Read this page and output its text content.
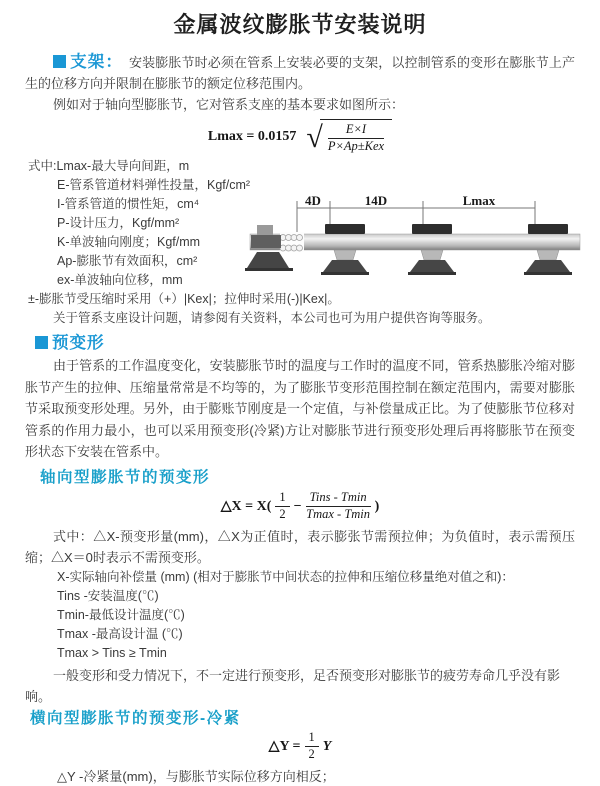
金属波纹膨胀节安装说明

支架： 安装膨胀节时必须在管系上安装必要的支架，以控制管系的变形在膨胀节上产生的位移方向并限制在膨胀节的额定位移范围内。

例如对于轴向型膨胀节，它对管系支座的基本要求如图所示：

Lmax = 0.0157 √ $\frac{E\times I}{\text{P×Ap±Kex}}$
式中:Lmax-最大导向间距，m
E-管系管道材料弹性投量，Kgf/cm²
I-管系管道的惯性矩，cm⁴
P-设计压力，Kgf/mm²
K-单波轴向刚度；Kgf/mm
Ap-膨胀节有效面积，cm²
ex-单波轴向位移，mm
±-膨胀节受压缩时采用（+）|Kex|；拉伸时采用(-)|Kex|。
关于管系支座设计问题，请参阅有关资料，本公司也可为用户提供咨询等服务。
4D	14D	Lmax
预变形

由于管系的工作温度变化，安装膨胀节时的温度与工作时的温度不同，管系热膨胀冷缩对膨胀节产生的拉伸、压缩量常常是不均等的，为了膨胀节变形范围控制在额定范围内，需要对膨胀节采取预变形处理。另外，由于膨账节刚度是一个定值，与补偿量成正比。为了使膨胀节位移对管系的作用力最小，也可以采用预变形(冷紧)方让对膨胀节进行预变形处理后再将膨胀节在预变形状态下安装在管系中。

轴向型膨胀节的预变形
△X = $X( \frac{1}{2} - \frac{\text{Tins - Tmin}}{Tmax - Tmin}$ )

式中：△X-预变形量(mm)，△X为正值时，表示膨张节需预拉伸；为负值时，表示需预压缩；△X＝0时表示不需预变形。

X-实际轴向补偿量 (mm) (相对于膨胀节中间状态的拉伸和压缩位移量绝对值之和)：
Tins -安装温度(℃)
Tmin-最低设计温度(℃)
Tmax -最高设计温 (℃)
Tmax > Tins ≥ Tmin

一般变形和受力情况下，不一定进行预变形，足否预变形对膨胀节的疲劳寿命几乎没有影响。

横向型膨胀节的预变形-冷紧
△Y = $\frac{1}{2}$ Y

△Y -冷紧量(mm)，与膨胀节实际位移方向相反；
